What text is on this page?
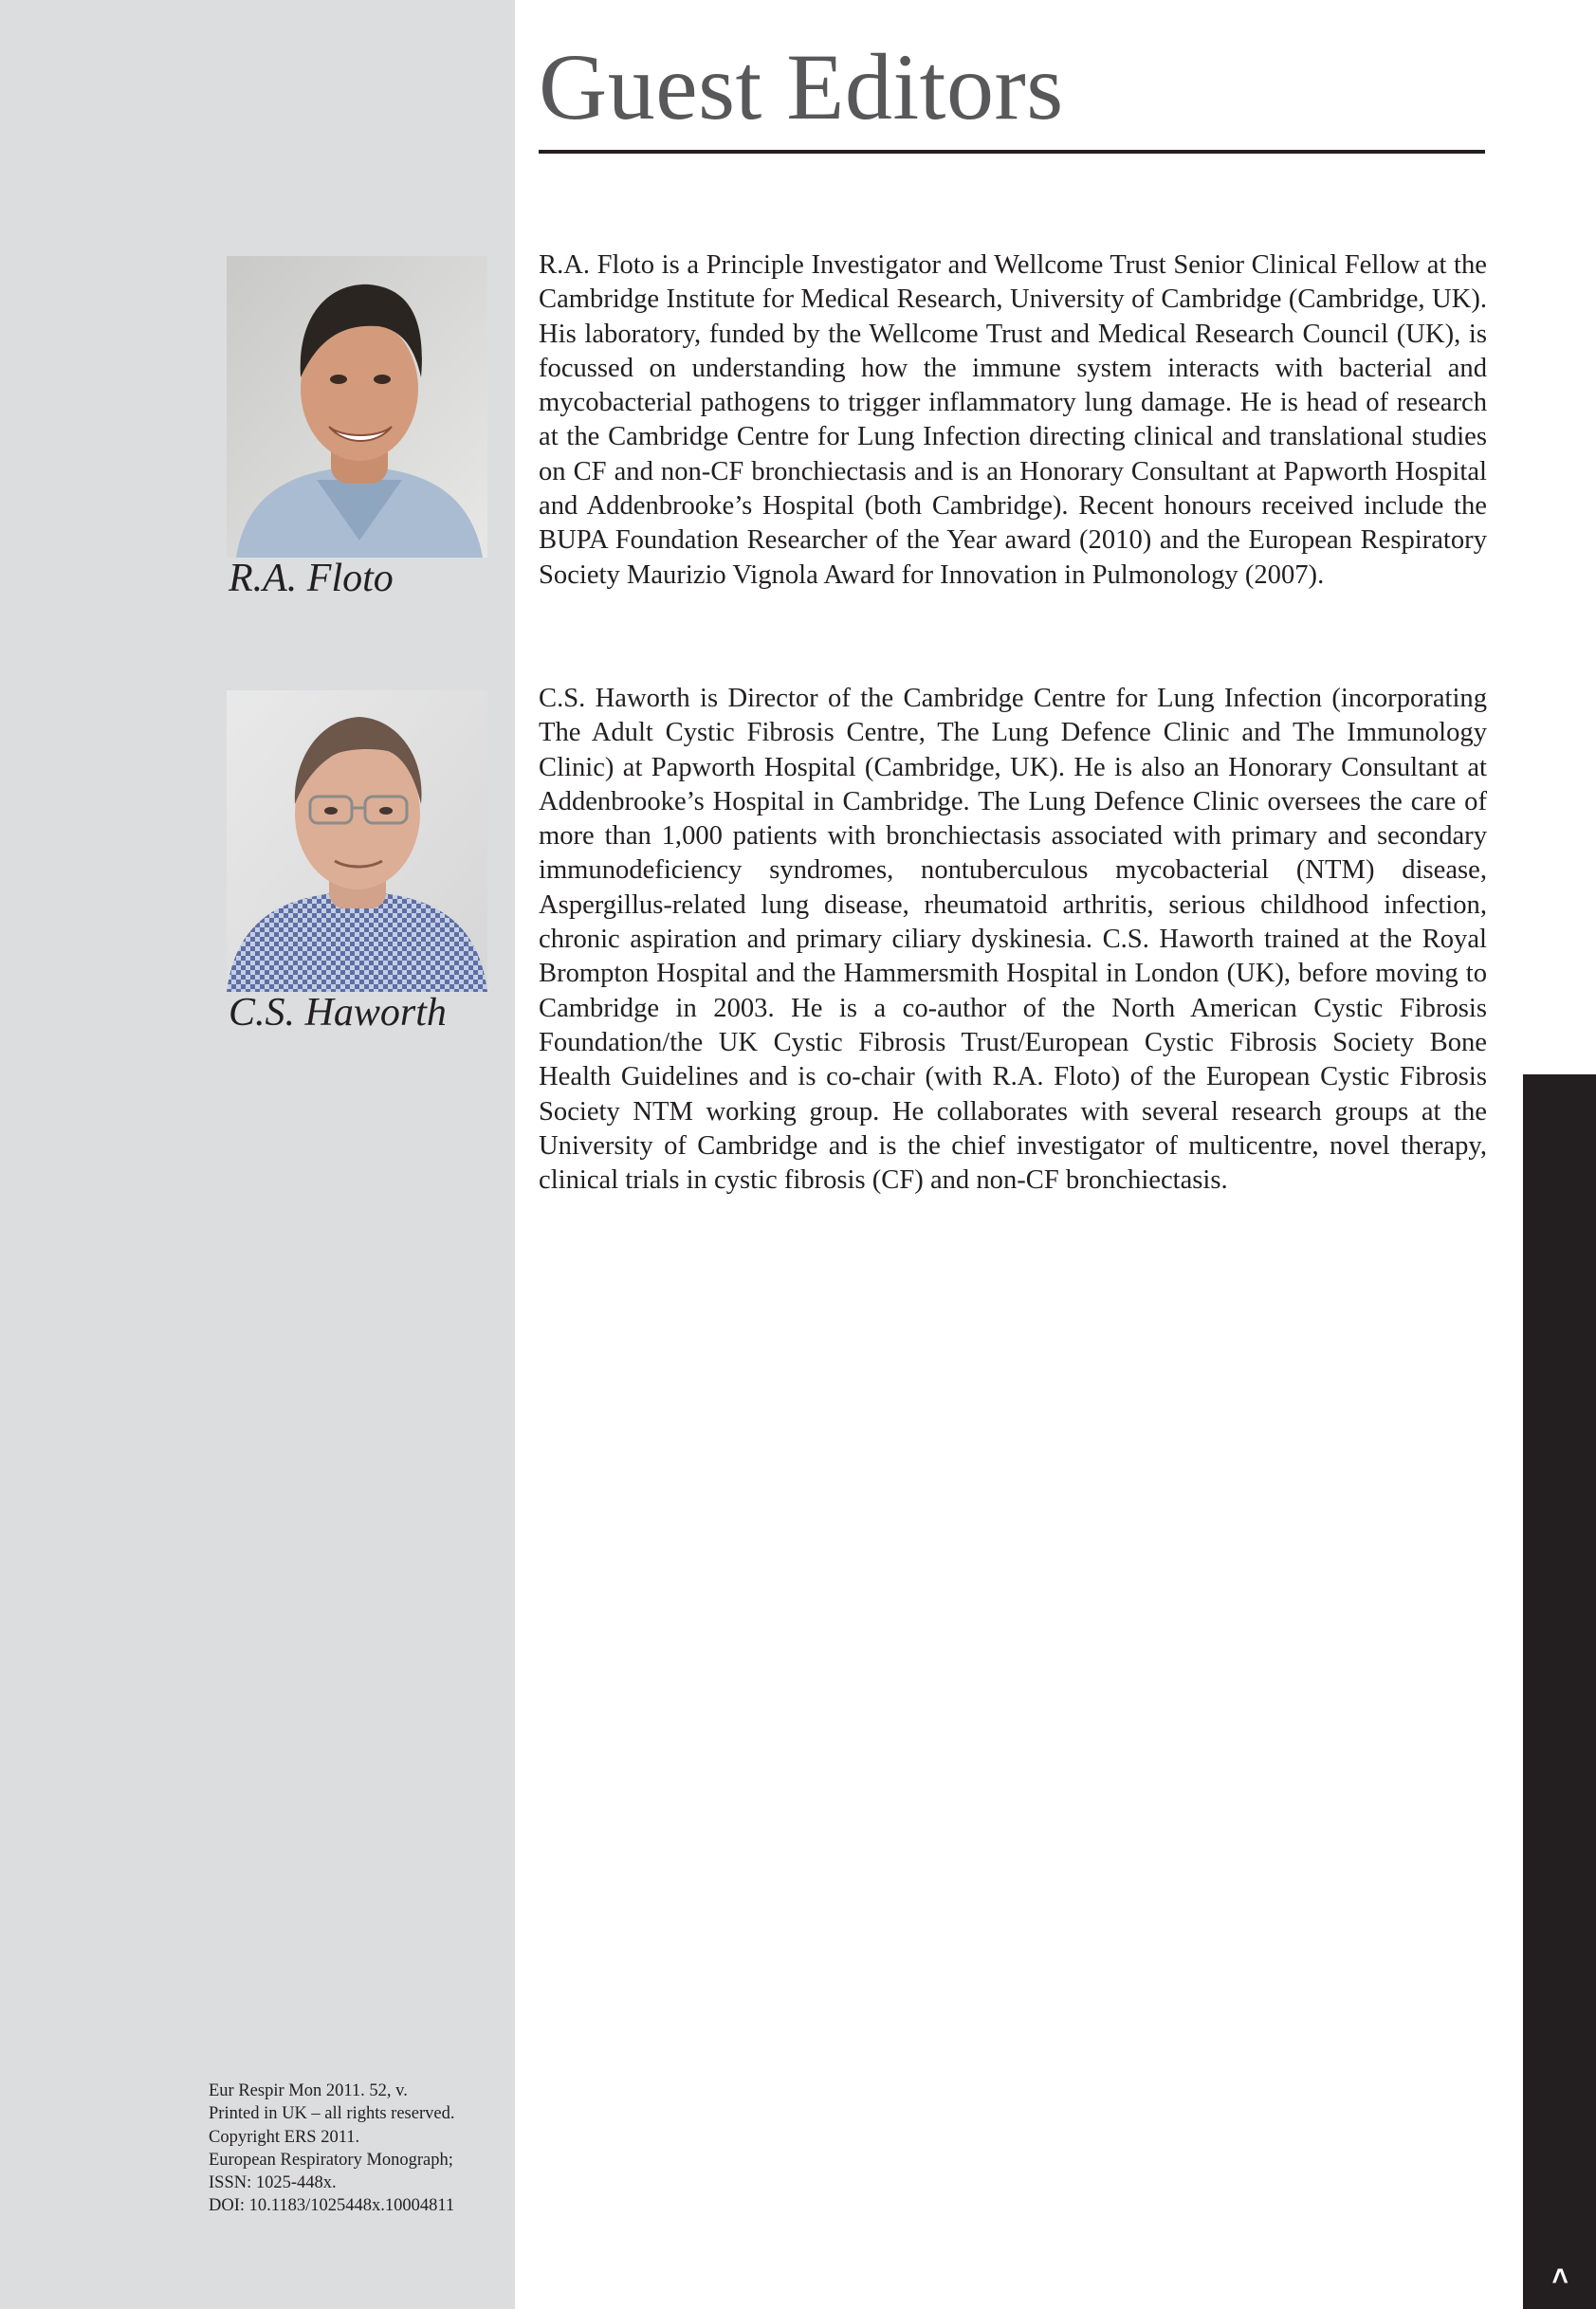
Guest Editors
R.A. Floto

R.A. Floto is a Principle Investigator and Wellcome Trust Senior Clinical Fellow at the Cambridge Institute for Medical Research, University of Cambridge (Cambridge, UK). His laboratory, funded by the Wellcome Trust and Medical Research Council (UK), is focussed on understanding how the immune system interacts with bacterial and mycobacterial pathogens to trigger inflammatory lung damage. He is head of research at the Cambridge Centre for Lung Infection directing clinical and translational studies on CF and non-CF bronchiectasis and is an Honorary Consultant at Papworth Hospital and Addenbrooke’s Hospital (both Cambridge). Recent honours received include the BUPA Foundation Researcher of the Year award (2010) and the European Respiratory Society Maurizio Vignola Award for Innovation in Pulmonology (2007).

C.S. Haworth

C.S. Haworth is Director of the Cambridge Centre for Lung Infection (incorporating The Adult Cystic Fibrosis Centre, The Lung Defence Clinic and The Immunology Clinic) at Papworth Hospital (Cambridge, UK). He is also an Honorary Consultant at Addenbrooke’s Hospital in Cambridge. The Lung Defence Clinic oversees the care of more than 1,000 patients with bronchiectasis associated with primary and secondary immunodeficiency syndromes, nontuberculous mycobacterial (NTM) disease, Aspergillus-related lung disease, rheumatoid arthritis, serious childhood infection, chronic aspiration and primary ciliary dyskinesia. C.S. Haworth trained at the Royal Brompton Hospital and the Hammersmith Hospital in London (UK), before moving to Cambridge in 2003. He is a co-author of the North American Cystic Fibrosis Foundation/the UK Cystic Fibrosis Trust/European Cystic Fibrosis Society Bone Health Guidelines and is co-chair (with R.A. Floto) of the European Cystic Fibrosis Society NTM working group. He collaborates with several research groups at the University of Cambridge and is the chief investigator of multicentre, novel therapy, clinical trials in cystic fibrosis (CF) and non-CF bronchiectasis.

Eur Respir Mon 2011. 52, v.
Printed in UK – all rights reserved.
Copyright ERS 2011.
European Respiratory Monograph;
ISSN: 1025-448x.
DOI: 10.1183/1025448x.10004811
>
